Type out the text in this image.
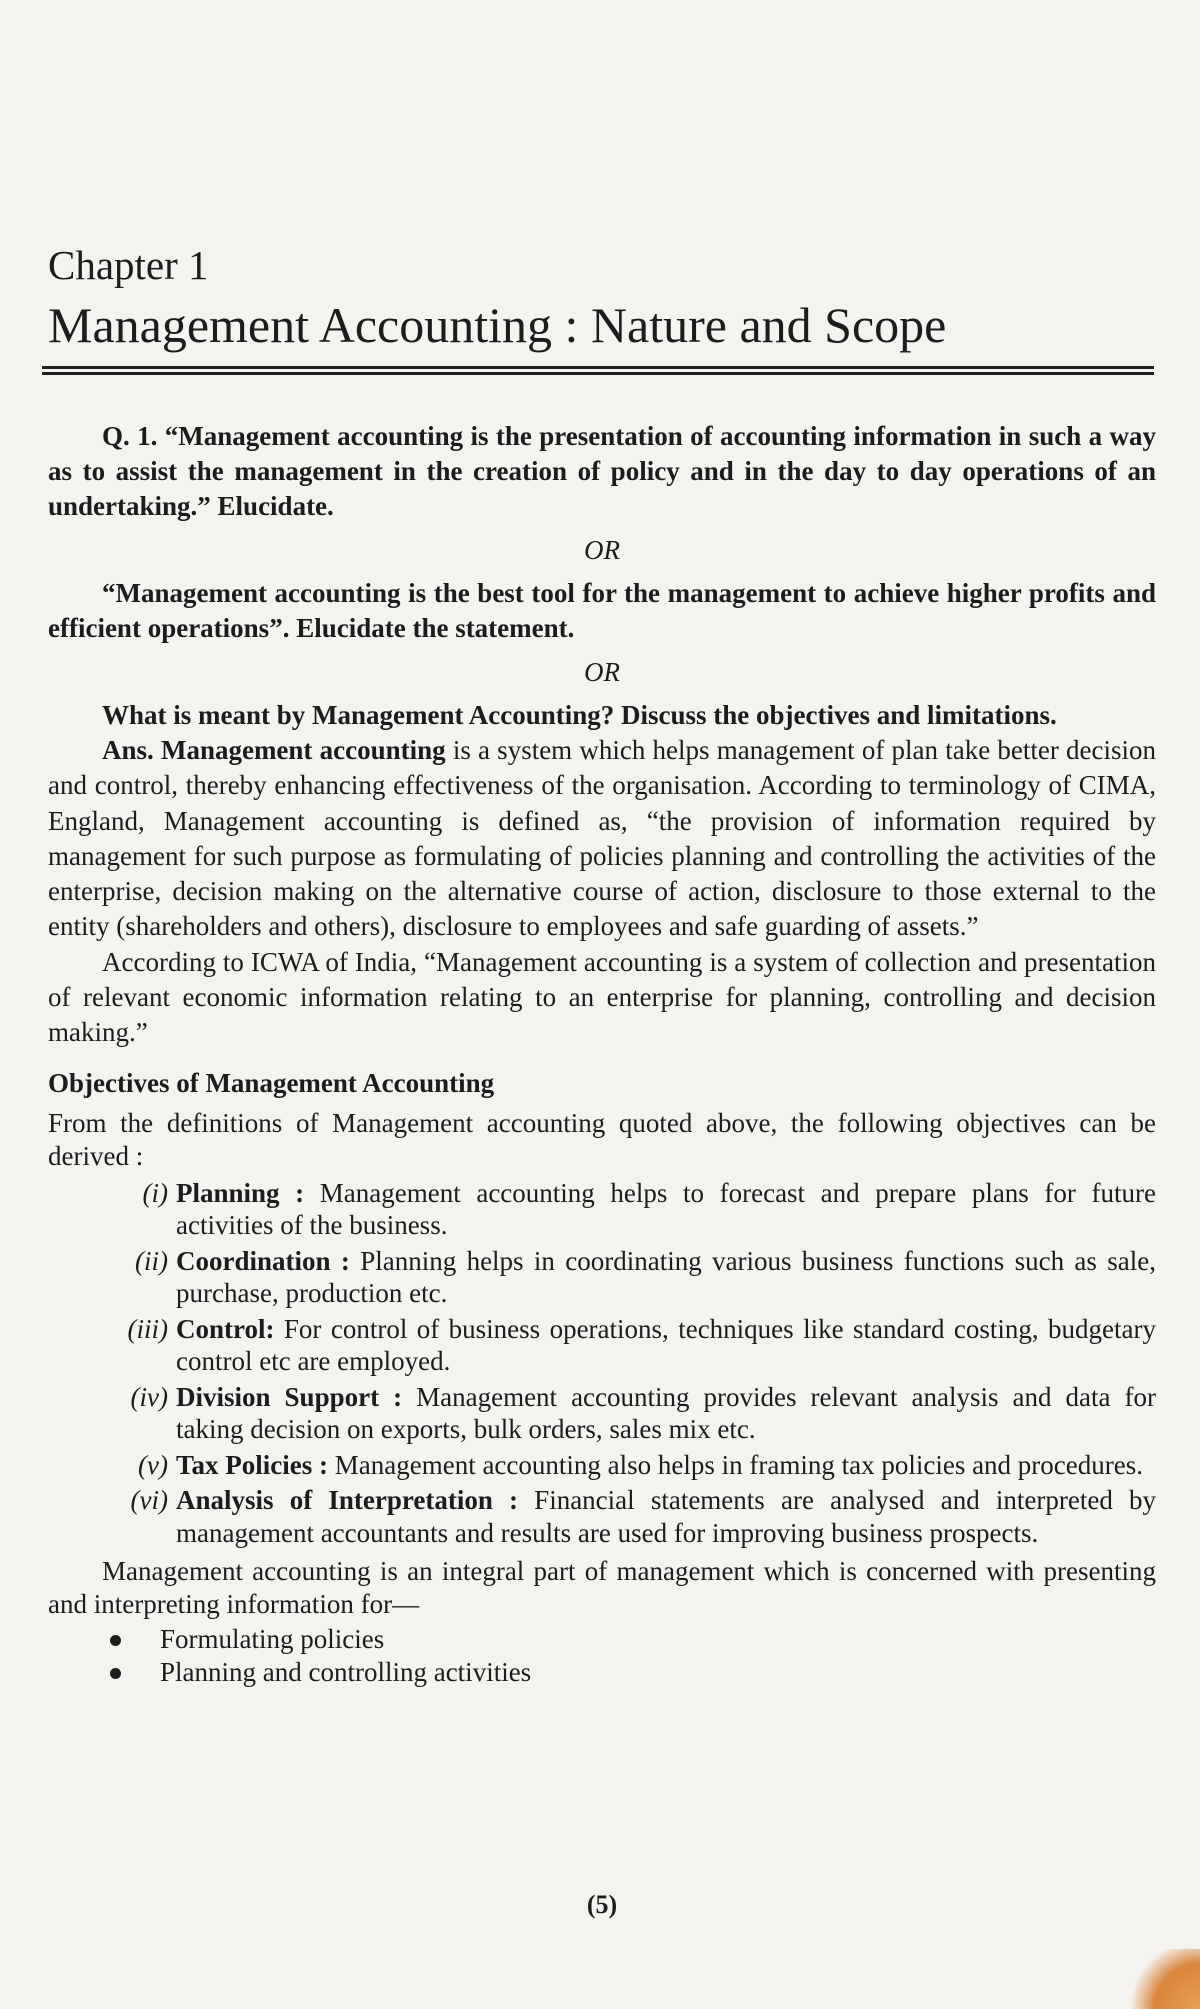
Chapter 1
Management Accounting : Nature and Scope

Q. 1. “Management accounting is the presentation of accounting information in such a way as to assist the management in the creation of policy and in the day to day operations of an undertaking.” Elucidate.

OR

“Management accounting is the best tool for the management to achieve higher profits and efficient operations”. Elucidate the statement.

OR

What is meant by Management Accounting? Discuss the objectives and limitations.

Ans. Management accounting is a system which helps management of plan take better decision and control, thereby enhancing effectiveness of the organisation. According to terminology of CIMA, England, Management accounting is defined as, “the provision of information required by management for such purpose as formulating of policies planning and controlling the activities of the enterprise, decision making on the alternative course of action, disclosure to those external to the entity (shareholders and others), disclosure to employees and safe guarding of assets.”

According to ICWA of India, “Management accounting is a system of collection and presentation of relevant economic information relating to an enterprise for planning, controlling and decision making.”

Objectives of Management Accounting

From the definitions of Management accounting quoted above, the following objectives can be derived :

(i) Planning : Management accounting helps to forecast and prepare plans for future activities of the business.
(ii) Coordination : Planning helps in coordinating various business functions such as sale, purchase, production etc.
(iii) Control: For control of business operations, techniques like standard costing, budgetary control etc are employed.
(iv) Division Support : Management accounting provides relevant analysis and data for taking decision on exports, bulk orders, sales mix etc.
(v) Tax Policies : Management accounting also helps in framing tax policies and procedures.
(vi) Analysis of Interpretation : Financial statements are analysed and interpreted by management accountants and results are used for improving business prospects.

Management accounting is an integral part of management which is concerned with presenting and interpreting information for—

Formulating policies
Planning and controlling activities
(5)
